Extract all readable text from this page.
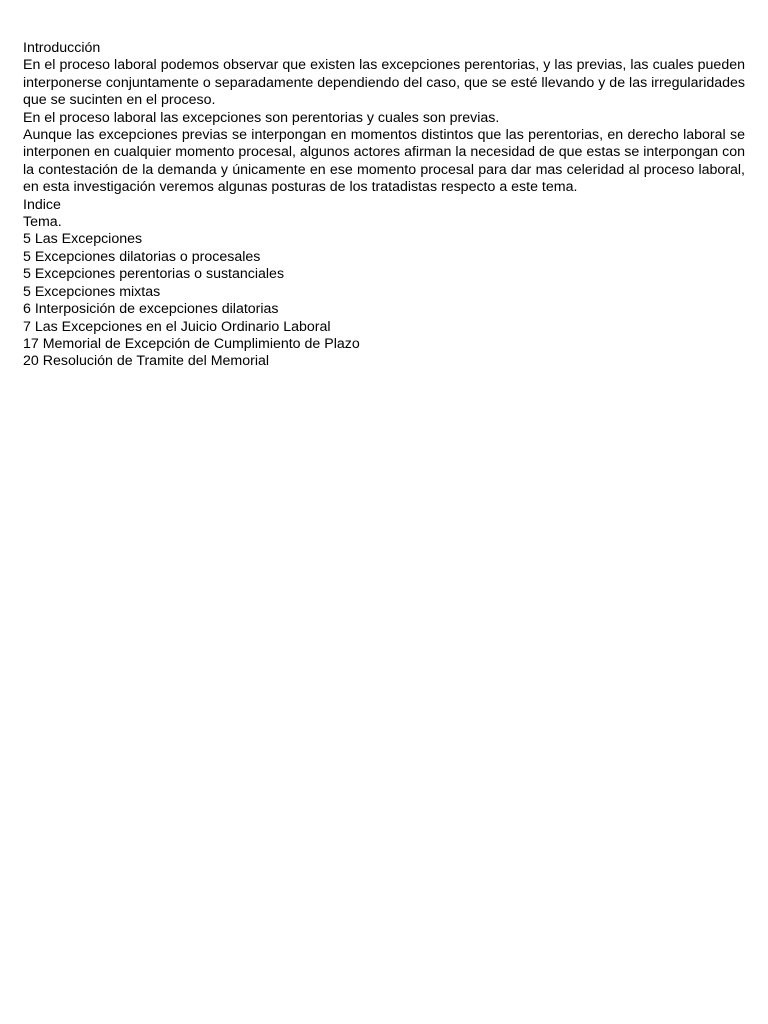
Introducción

En el proceso laboral podemos observar que existen las excepciones perentorias, y las previas, las cuales pueden interponerse conjuntamente o separadamente dependiendo del caso, que se esté llevando y de las irregularidades que se sucinten en el proceso.

En el proceso laboral las excepciones son perentorias y cuales son previas.

Aunque las excepciones previas se interpongan en momentos distintos que las perentorias, en derecho laboral se interponen en cualquier momento procesal, algunos actores afirman la necesidad de que estas se interpongan con la contestación de la demanda y únicamente en ese momento procesal para dar mas celeridad al proceso laboral, en esta investigación veremos algunas posturas de los tratadistas respecto a este tema.

Indice
Tema.
5 Las Excepciones
5 Excepciones dilatorias o procesales
5 Excepciones perentorias o sustanciales
5 Excepciones mixtas
6 Interposición de excepciones dilatorias
7 Las Excepciones en el Juicio Ordinario Laboral
17 Memorial de Excepción de Cumplimiento de Plazo
20 Resolución de Tramite del Memorial
